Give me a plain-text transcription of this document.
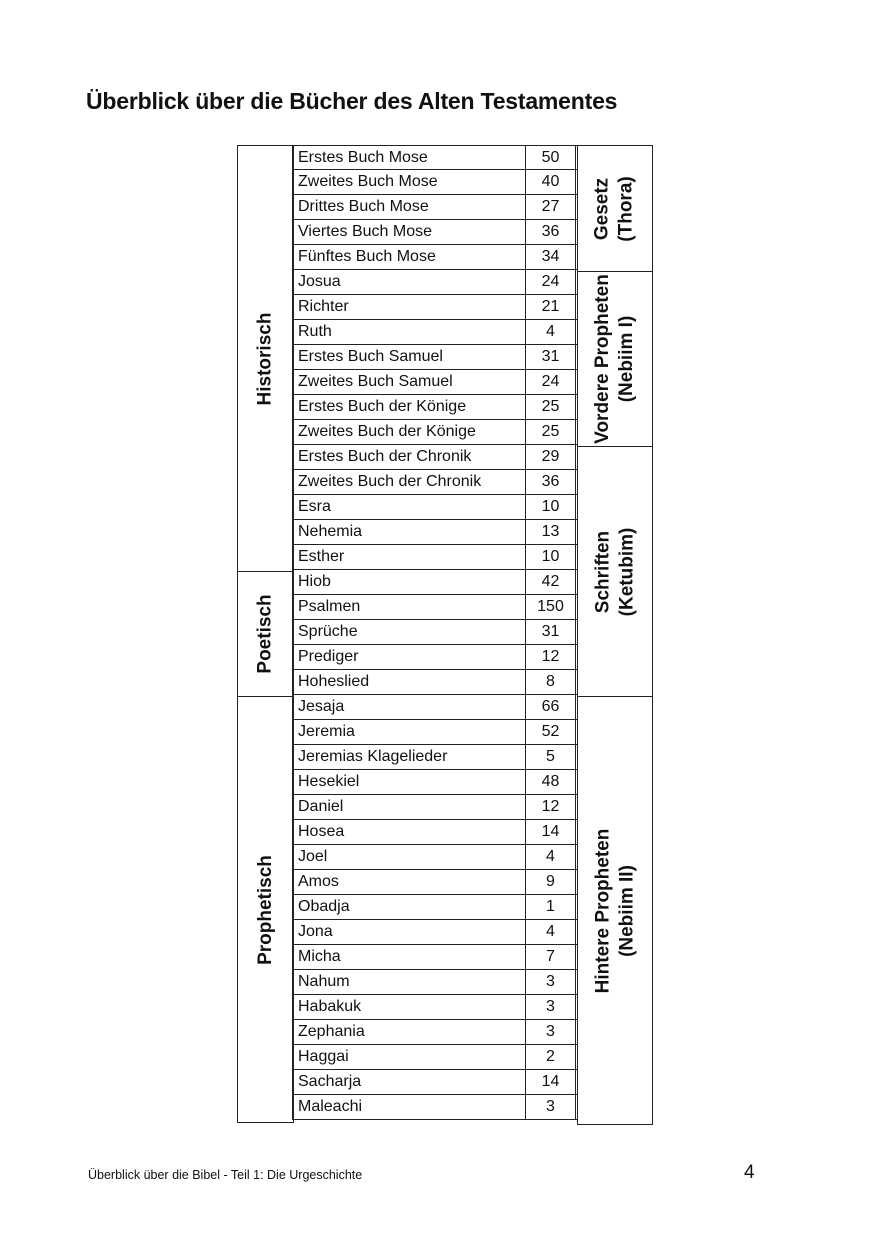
Überblick über die Bücher des Alten Testamentes
Historisch
Poetisch
Prophetisch
Erstes Buch Mose	50
Zweites Buch Mose	40
Drittes Buch Mose	27
Viertes Buch Mose	36
Fünftes Buch Mose	34
Josua	24
Richter	21
Ruth	4
Erstes Buch Samuel	31
Zweites Buch Samuel	24
Erstes Buch der Könige	25
Zweites Buch der Könige	25
Erstes Buch der Chronik	29
Zweites Buch der Chronik	36
Esra	10
Nehemia	13
Esther	10
Hiob	42
Psalmen	150
Sprüche	31
Prediger	12
Hoheslied	8
Jesaja	66
Jeremia	52
Jeremias Klagelieder	5
Hesekiel	48
Daniel	12
Hosea	14
Joel	4
Amos	9
Obadja	1
Jona	4
Micha	7
Nahum	3
Habakuk	3
Zephania	3
Haggai	2
Sacharja	14
Maleachi	3
Gesetz (Thora)
Vordere Propheten (Nebiim I)
Schriften (Ketubim)
Hintere Propheten (Nebiim II)
Überblick über die Bibel - Teil 1: Die Urgeschichte	4
